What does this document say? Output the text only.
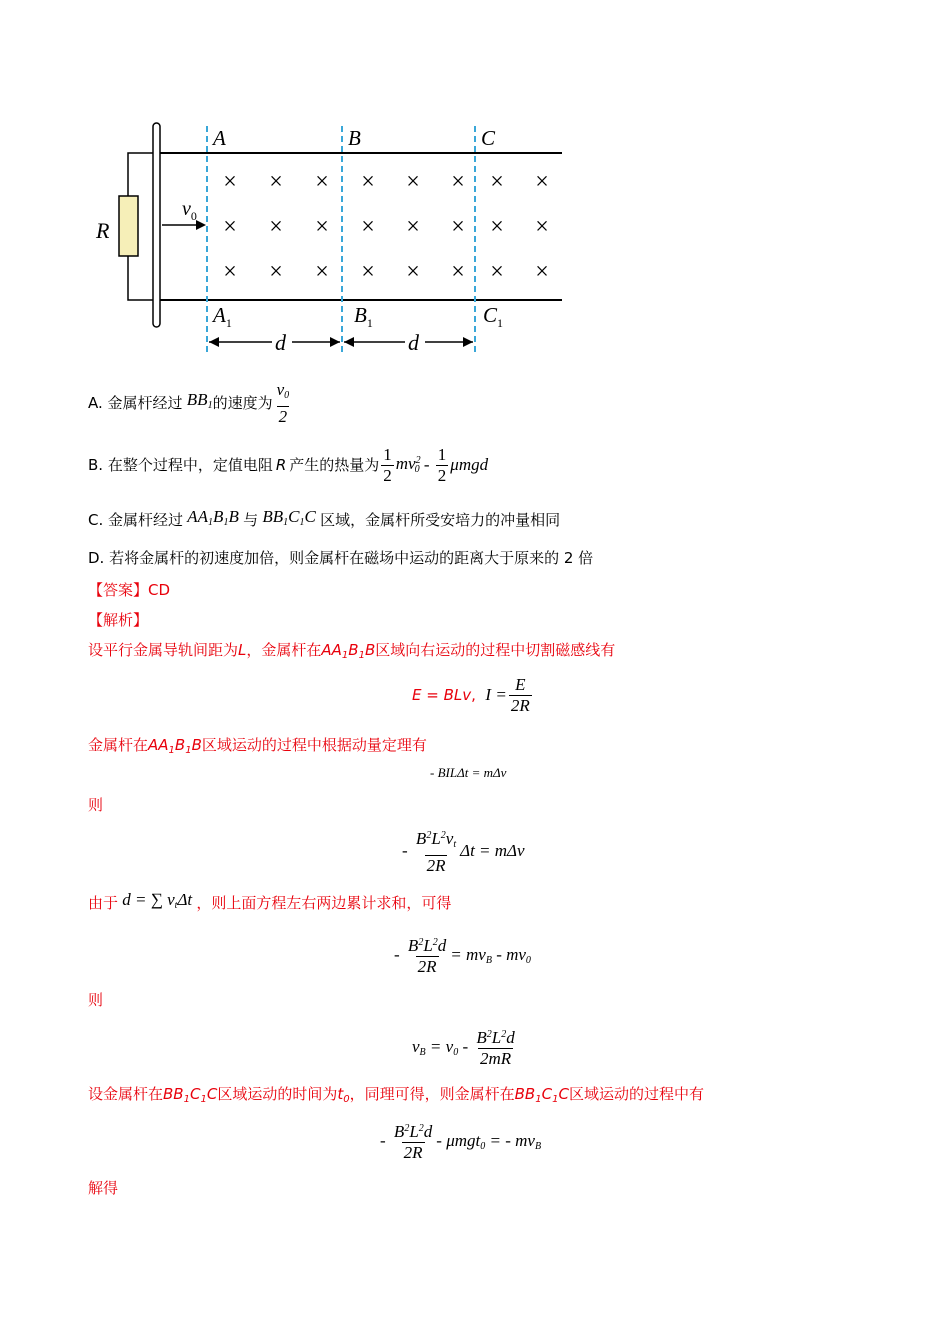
R
$v_0$
A	B	C
$A_1$	$B_1$	$C_1$
d	d
× × × × × × × ×
× × × × × × × ×
× × × × × × × ×
A. 金属杆经过 $BB_1$ 的速度为 $\frac{v_0}{2}$
B. 在整个过程中，定值电阻 R 产生的热量为 $\frac{1}{2} mv^2_0 - \frac{1}{2}$ μmgd
C. 金属杆经过 $AA_1B_1B$ 与 $BB_1C_1C$ 区域，金属杆所受安培力的冲量相同
D. 若将金属杆的初速度加倍，则金属杆在磁场中运动的距离大于原来的 2 倍
【答案】CD
【解析】
设平行金属导轨间距为L，金属杆在$AA_1B_1B$区域向右运动的过程中切割磁感线有
E = BLv , $I = \frac{E}{2R}$
金属杆在$AA_1B_1B$区域运动的过程中根据动量定理有
- BILΔt = mΔv
则
- $\frac{B^2L^2v_t}{2R}$ Δt = mΔv
由于 d = ∑ $v_t\Delta t$ ，则上面方程左右两边累计求和，可得
- $\frac{B^2L^2d}{2R} = mv_B - mv_0$
则
$v_B = v_0 - \frac{B^2L^2d}{2mR}$
设金属杆在$BB_1C_1C$区域运动的时间为$t_0$，同理可得，则金属杆在$BB_1C_1C$区域运动的过程中有
- $\frac{B^2L^2d}{2R} - \mu mgt_0$ = - $mv_B$
解得
